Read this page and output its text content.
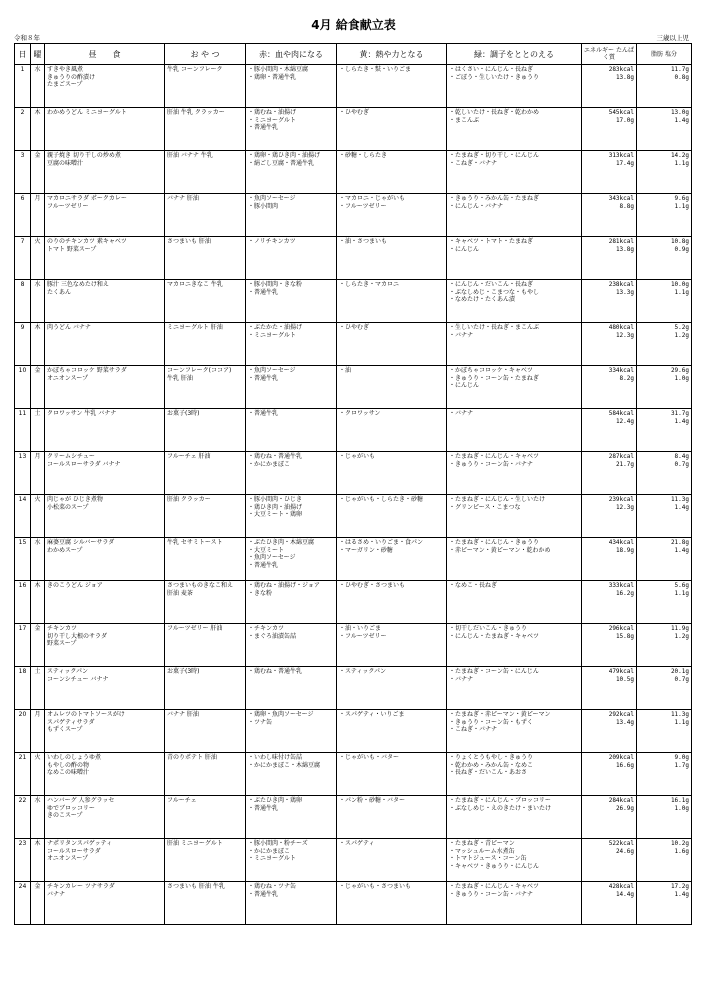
4月 給食献立表
令和８年	三歳以上児
日	曜	昼　　食	お や つ	赤：血や肉になる	黄：熱や力となる	緑：調子をととのえる	エネルギー たんぱく質	脂肪 塩分
1	水	すきやき風煮
きゅうりの酢漬け
たまごスープ	牛乳 コーンフレーク	・豚小間肉・木綿豆腐
・鶏卵・普通牛乳	・しらたき・麩・いりごま	・はくさい・にんじん・長ねぎ
・ごぼう・生しいたけ・きゅうり	283kcal
13.8g	11.7g
0.8g

2	木	わかめうどん ミニヨーグルト	肝油 牛乳 クラッカー	・鶏むね・油揚げ
・ミニヨーグルト
・普通牛乳	・ひやむぎ	・乾しいたけ・長ねぎ・乾わかめ
・まこんぶ	545kcal
17.0g	13.0g
1.4g

3	金	親子焼き 切り干しの炒め煮
豆腐の味噌汁	肝油 バナナ 牛乳	・鶏卵・鶏ひき肉・油揚げ
・絹ごし豆腐・普通牛乳	・砂糖・しらたき	・たまねぎ・切り干し・にんじん
・こねぎ・バナナ	313kcal
17.4g	14.2g
1.1g

6	月	マカロニサラダ ポークカレー
フルーツゼリー	バナナ 肝油	・魚肉ソーセージ
・豚小間肉	・マカロニ・じゃがいも
・フルーツゼリー	・きゅうり・みかん缶・たまねぎ
・にんじん・バナナ	343kcal
8.8g	9.6g
1.1g

7	火	のりのチキンカツ 素キャベツ
トマト 野菜スープ	さつまいも 肝油	・ノリチキンカツ	・油・さつまいも	・キャベツ・トマト・たまねぎ
・にんじん	281kcal
13.8g	10.8g
0.9g

8	水	豚汁 三色なめたけ和え
たくあん	マカロニきなこ 牛乳	・豚小間肉・きな粉
・普通牛乳	・しらたき・マカロニ	・にんじん・だいこん・長ねぎ
・ぶなしめじ・こまつな・もやし
・なめたけ・たくあん漬	238kcal
13.3g	10.0g
1.1g

9	木	肉うどん バナナ	ミニヨーグルト 肝油	・ぶたかた・油揚げ
・ミニヨーグルト	・ひやむぎ	・生しいたけ・長ねぎ・まこんぶ
・バナナ	480kcal
12.3g	5.2g
1.2g

10	金	かぼちゃコロッケ 野菜サラダ
オニオンスープ	コーンフレーク(ココア)
牛乳 肝油	・魚肉ソーセージ
・普通牛乳	・油	・かぼちゃコロッケ・キャベツ
・きゅうり・コーン缶・たまねぎ
・にんじん	334kcal
8.2g	29.6g
1.0g

11	土	クロワッサン 牛乳 バナナ	お菓子(3時)	・普通牛乳	・クロワッサン	・バナナ	584kcal
12.4g	31.7g
1.4g

13	月	クリームシチュー
コールスローサラダ バナナ	フルーチェ 肝油	・鶏むね・普通牛乳
・かにかまぼこ	・じゃがいも	・たまねぎ・にんじん・キャベツ
・きゅうり・コーン缶・バナナ	287kcal
21.7g	8.4g
0.7g

14	火	肉じゃが ひじき煮物
小松菜のスープ	肝油 クラッカー	・豚小間肉・ひじき
・鶏ひき肉・油揚げ
・大豆ミート・鶏卵	・じゃがいも・しらたき・砂糖	・たまねぎ・にんじん・生しいたけ
・グリンピース・こまつな	239kcal
12.3g	11.3g
1.4g

15	水	麻婆豆腐 シルバーサラダ
わかめスープ	牛乳 セサミトースト	・ぶたひき肉・木綿豆腐
・大豆ミート
・魚肉ソーセージ
・普通牛乳	・はるさめ・いりごま・食パン
・マーガリン・砂糖	・たまねぎ・にんじん・きゅうり
・赤ピーマン・黄ピーマン・乾わかめ	434kcal
18.9g	21.8g
1.4g

16	木	きのこうどん ジョア	さつまいものきなこ和え
肝油 麦茶	・鶏むね・油揚げ・ジョア
・きな粉	・ひやむぎ・さつまいも	・なめこ・長ねぎ	333kcal
16.2g	5.6g
1.1g

17	金	チキンカツ
切り干し大根のサラダ
野菜スープ	フルーツゼリー 肝油	・チキンカツ
・まぐろ油漬缶詰	・油・いりごま
・フルーツゼリー	・切干しだいこん・きゅうり
・にんじん・たまねぎ・キャベツ	296kcal
15.8g	11.9g
1.2g

18	土	スティックパン
コーンシチュー バナナ	お菓子(3時)	・鶏むね・普通牛乳	・スティックパン	・たまねぎ・コーン缶・にんじん
・バナナ	479kcal
10.5g	20.1g
0.7g

20	月	オムレツのトマトソースがけ
スパゲティサラダ
もずくスープ	バナナ 肝油	・鶏卵・魚肉ソーセージ
・ツナ缶	・スパゲティ・いりごま	・たまねぎ・赤ピーマン・黄ピーマン
・きゅうり・コーン缶・もずく
・こねぎ・バナナ	292kcal
13.4g	11.3g
1.1g

21	火	いわしのしょうゆ煮
もやしの酢の物
なめこの味噌汁	青のりポテト 肝油	・いわし味付け缶詰
・かにかまぼこ・木綿豆腐	・じゃがいも・バター	・りょくとうもやし・きゅうり
・乾わかめ・みかん缶・なめこ
・長ねぎ・だいこん・あおさ	209kcal
16.6g	9.0g
1.7g

22	水	ハンバーグ 人参グラッセ
ゆでブロッコリー
きのこスープ	フルーチェ	・ぶたひき肉・鶏卵
・普通牛乳	・パン粉・砂糖・バター	・たまねぎ・にんじん・ブロッコリー
・ぶなしめじ・えのきたけ・まいたけ	284kcal
26.9g	16.1g
1.0g

23	木	ナポリタンスパゲッティ
コールスローサラダ
オニオンスープ	肝油 ミニヨーグルト	・豚小間肉・粉チーズ
・かにかまぼこ
・ミニヨーグルト	・スパゲティ	・たまねぎ・青ピーマン
・マッシュルーム水煮缶
・トマトジュース・コーン缶
・キャベツ・きゅうり・にんじん	522kcal
24.6g	10.2g
1.6g

24	金	チキンカレー ツナサラダ
バナナ	さつまいも 肝油 牛乳	・鶏むね・ツナ缶
・普通牛乳	・じゃがいも・さつまいも	・たまねぎ・にんじん・キャベツ
・きゅうり・コーン缶・バナナ	428kcal
14.4g	17.2g
1.4g
